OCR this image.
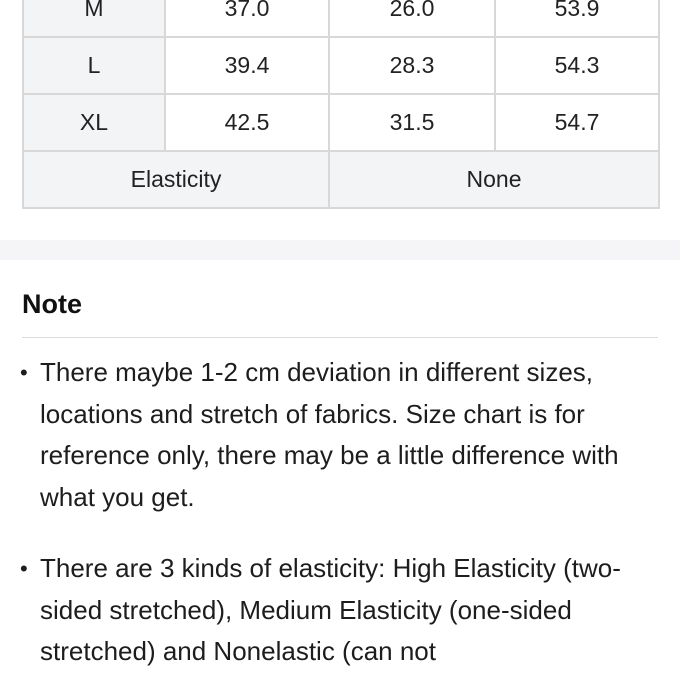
M	37.0	26.0	53.9
L	39.4	28.3	54.3
XL	42.5	31.5	54.7
Elasticity		None	
Note
• There maybe 1-2 cm deviation in different sizes, locations and stretch of fabrics. Size chart is for reference only, there may be a little difference with what you get.
• There are 3 kinds of elasticity: High Elasticity (two-sided stretched), Medium Elasticity (one-sided stretched) and Nonelastic (can not
